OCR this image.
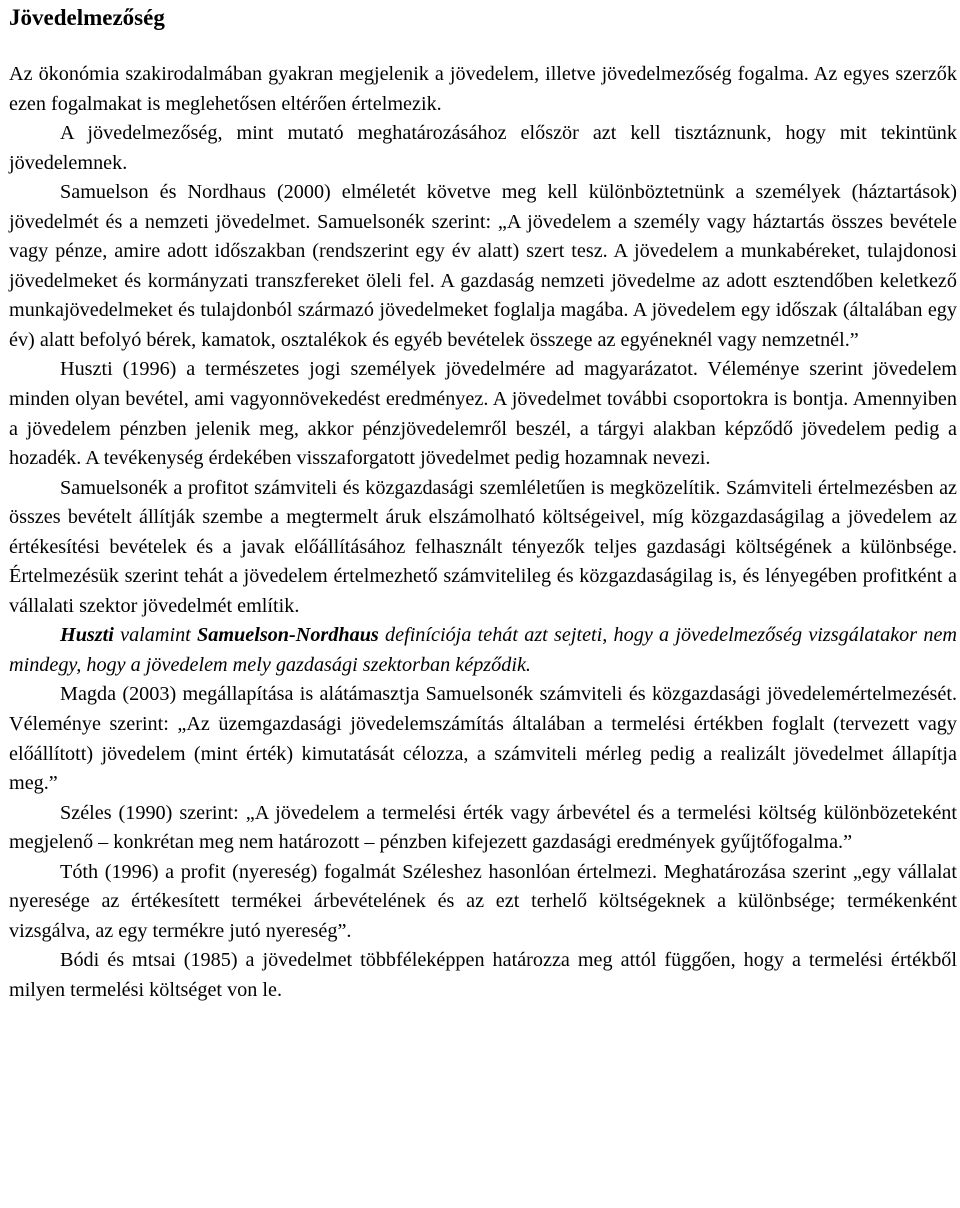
Jövedelmezőség

Az ökonómia szakirodalmában gyakran megjelenik a jövedelem, illetve jövedelmezőség fogalma. Az egyes szerzők ezen fogalmakat is meglehetősen eltérően értelmezik.

A jövedelmezőség, mint mutató meghatározásához először azt kell tisztáznunk, hogy mit tekintünk jövedelemnek.

Samuelson és Nordhaus (2000) elméletét követve meg kell különböztetnünk a személyek (háztartások) jövedelmét és a nemzeti jövedelmet. Samuelsonék szerint: „A jövedelem a személy vagy háztartás összes bevétele vagy pénze, amire adott időszakban (rendszerint egy év alatt) szert tesz. A jövedelem a munkabéreket, tulajdonosi jövedelmeket és kormányzati transzfereket öleli fel. A gazdaság nemzeti jövedelme az adott esztendőben keletkező munkajövedelmeket és tulajdonból származó jövedelmeket foglalja magába. A jövedelem egy időszak (általában egy év) alatt befolyó bérek, kamatok, osztalékok és egyéb bevételek összege az egyéneknél vagy nemzetnél.”

Huszti (1996) a természetes jogi személyek jövedelmére ad magyarázatot. Véleménye szerint jövedelem minden olyan bevétel, ami vagyonnövekedést eredményez. A jövedelmet további csoportokra is bontja. Amennyiben a jövedelem pénzben jelenik meg, akkor pénzjövedelemről beszél, a tárgyi alakban képződő jövedelem pedig a hozadék. A tevékenység érdekében visszaforgatott jövedelmet pedig hozamnak nevezi.

Samuelsonék a profitot számviteli és közgazdasági szemléletűen is megközelítik. Számviteli értelmezésben az összes bevételt állítják szembe a megtermelt áruk elszámolható költségeivel, míg közgazdaságilag a jövedelem az értékesítési bevételek és a javak előállításához felhasznált tényezők teljes gazdasági költségének a különbsége. Értelmezésük szerint tehát a jövedelem értelmezhető számvitelileg és közgazdaságilag is, és lényegében profitként a vállalati szektor jövedelmét említik.

Huszti valamint Samuelson-Nordhaus definíciója tehát azt sejteti, hogy a jövedelmezőség vizsgálatakor nem mindegy, hogy a jövedelem mely gazdasági szektorban képződik.

Magda (2003) megállapítása is alátámasztja Samuelsonék számviteli és közgazdasági jövedelemértelmezését. Véleménye szerint: „Az üzemgazdasági jövedelemszámítás általában a termelési értékben foglalt (tervezett vagy előállított) jövedelem (mint érték) kimutatását célozza, a számviteli mérleg pedig a realizált jövedelmet állapítja meg.”

Széles (1990) szerint: „A jövedelem a termelési érték vagy árbevétel és a termelési költség különbözeteként megjelenő – konkrétan meg nem határozott – pénzben kifejezett gazdasági eredmények gyűjtőfogalma.”

Tóth (1996) a profit (nyereség) fogalmát Széleshez hasonlóan értelmezi. Meghatározása szerint „egy vállalat nyeresége az értékesített termékei árbevételének és az ezt terhelő költségeknek a különbsége; termékenként vizsgálva, az egy termékre jutó nyereség”.

Bódi és mtsai (1985) a jövedelmet többféleképpen határozza meg attól függően, hogy a termelési értékből milyen termelési költséget von le.
